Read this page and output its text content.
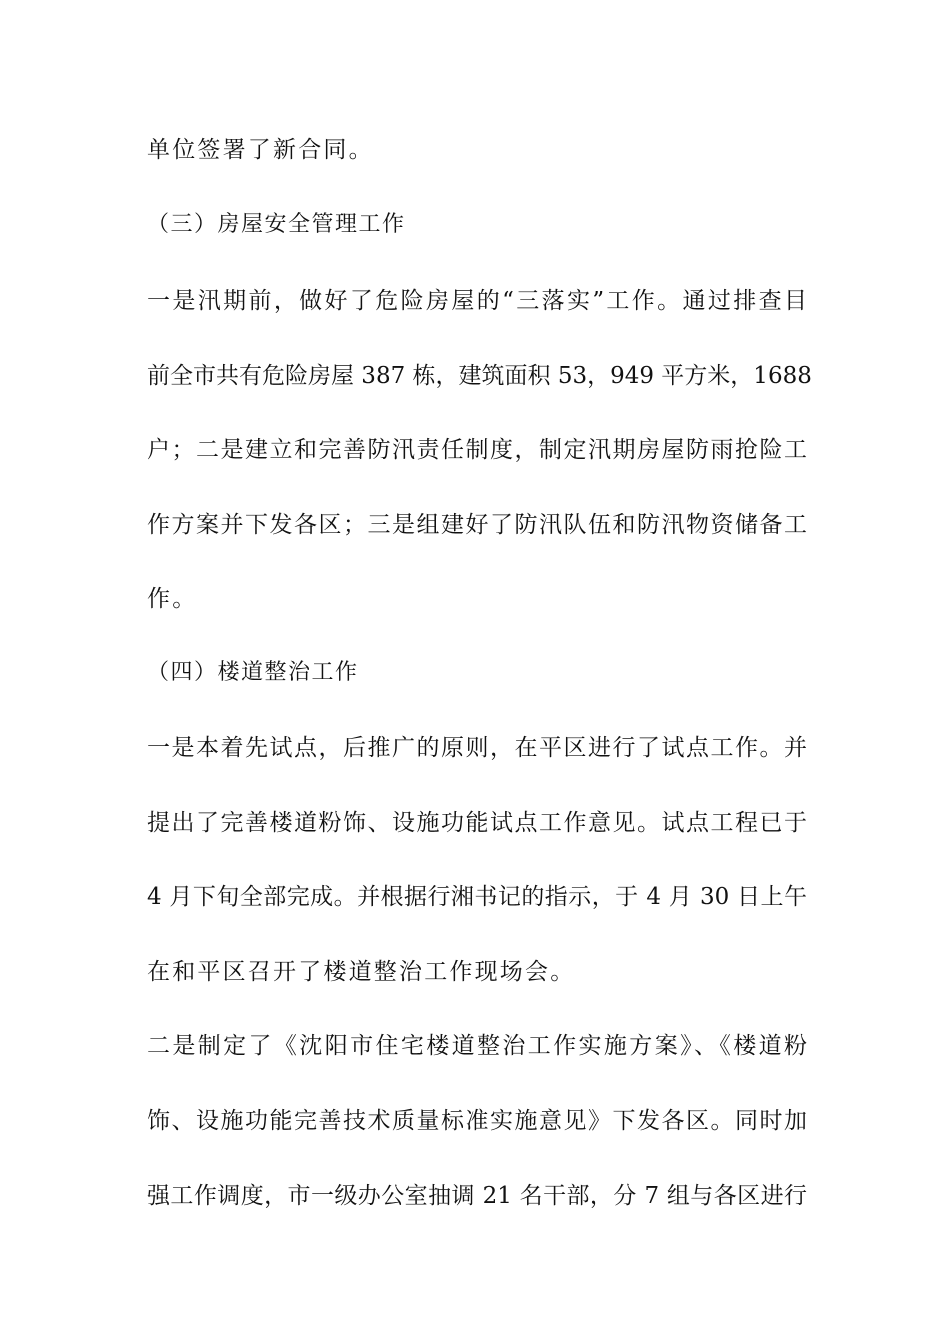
单位签署了新合同。
（三）房屋安全管理工作
一是汛期前，做好了危险房屋的“三落实”工作。通过排查目
前全市共有危险房屋 387 栋，建筑面积 53，949 平方米，1688
户；二是建立和完善防汛责任制度，制定汛期房屋防雨抢险工
作方案并下发各区；三是组建好了防汛队伍和防汛物资储备工
作。
（四）楼道整治工作
一是本着先试点，后推广的原则，在平区进行了试点工作。并
提出了完善楼道粉饰、设施功能试点工作意见。试点工程已于
4 月下旬全部完成。并根据行湘书记的指示，于 4 月 30 日上午
在和平区召开了楼道整治工作现场会。
二是制定了《沈阳市住宅楼道整治工作实施方案》、《楼道粉
饰、设施功能完善技术质量标准实施意见》下发各区。同时加
强工作调度，市一级办公室抽调 21 名干部，分 7 组与各区进行
